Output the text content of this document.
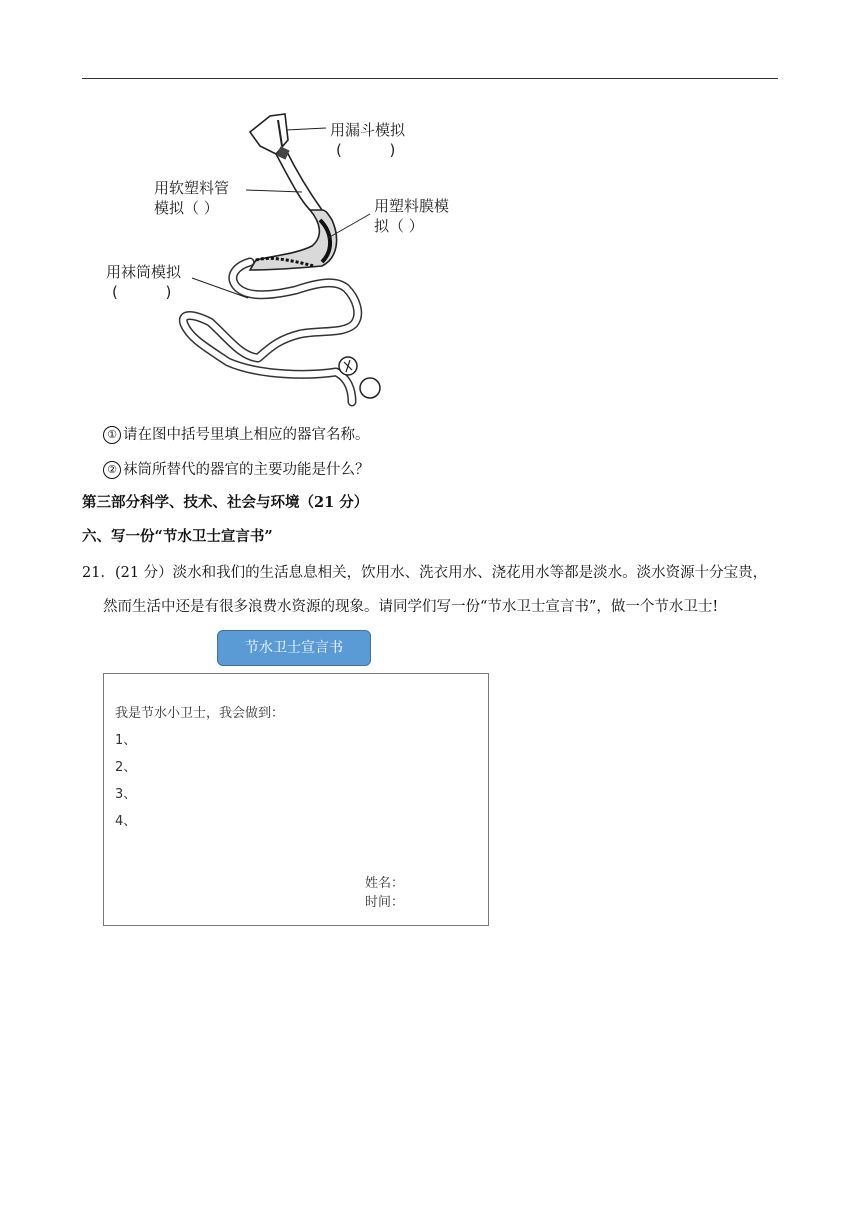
用漏斗模拟
(          )
用软塑料管
模拟（ ）	用塑料膜模
拟（ ）
用袜筒模拟
(          )
① 请在图中括号里填上相应的器官名称。
② 袜筒所替代的器官的主要功能是什么？
第三部分科学、技术、社会与环境（21 分）
六、写一份“节水卫士宣言书”
21．(21 分）淡水和我们的生活息息相关，饮用水、洗衣用水、浇花用水等都是淡水。淡水资源十分宝贵，
然而生活中还是有很多浪费水资源的现象。请同学们写一份“节水卫士宣言书”，做一个节水卫士!
节水卫士宣言书
我是节水小卫士，我会做到：
1、
2、
3、
4、
姓名：
时间：
